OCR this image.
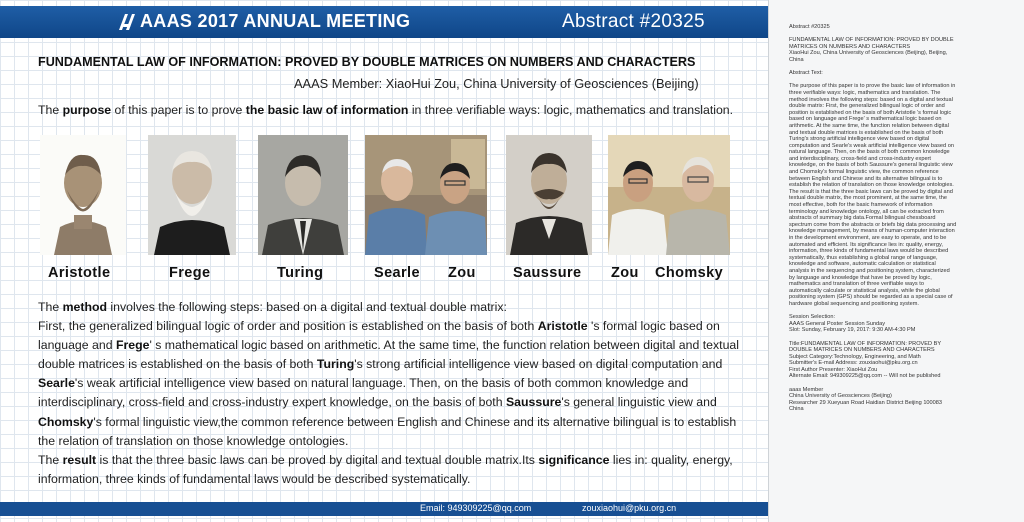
AAAS 2017 ANNUAL MEETING	Abstract #20325
FUNDAMENTAL LAW OF INFORMATION: PROVED BY DOUBLE MATRICES ON NUMBERS AND CHARACTERS
AAAS Member: XiaoHui Zou, China University of Geosciences (Beijing)
The purpose of this paper is to prove the basic law of information in three verifiable ways: logic, mathematics and translation.
Aristotle	Frege	Turing	Searle Zou	Saussure Zou Chomsky

The method involves the following steps: based on a digital and textual double matrix:

First, the generalized bilingual logic of order and position is established on the basis of both Aristotle 's formal logic based on language and Frege' s mathematical logic based on arithmetic. At the same time, the function relation between digital and textual double matrices is established on the basis of both Turing's strong artificial intelligence view based on digital computation and Searle's weak artificial intelligence view based on natural language. Then, on the basis of both common knowledge and interdisciplinary, cross-field and cross-industry expert knowledge, on the basis of both Saussure's general linguistic view and Chomsky's formal linguistic view,the common reference between English and Chinese and its alternative bilingual is to establish the relation of translation on those knowledge ontologies.

The result is that the three basic laws can be proved by digital and textual double matrix.Its significance lies in: quality, energy, information, three kinds of fundamental laws would be described systematically.

Email: 949309225@qq.com	zouxiaohui@pku.org.cn
Abstract #20325
FUNDAMENTAL LAW OF INFORMATION: PROVED BY DOUBLE
MATRICES ON NUMBERS AND CHARACTERS
XiaoHui Zou, China University of Geosciences (Beijing), Beijing,
China
Abstract Text:
The purpose of this paper is to prove the basic law of information in
three verifiable ways: logic, mathematics and translation. The
method involves the following steps: based on a digital and textual
double matrix: First, the generalized bilingual logic of order and
position is established on the basis of both Aristotle 's formal logic
based on language and Frege' s mathematical logic based on
arithmetic. At the same time, the function relation between digital
and textual double matrices is established on the basis of both
Turing's strong artificial intelligence view based on digital
computation and Searle's weak artificial intelligence view based on
natural language. Then, on the basis of both common knowledge
and interdisciplinary, cross-field and cross-industry expert
knowledge, on the basis of both Saussure's general linguistic view
and Chomsky's formal linguistic view, the common reference
between English and Chinese and its alternative bilingual is to
establish the relation of translation on those knowledge ontologies.
The result is that the three basic laws can be proved by digital and
textual double matrix, the most prominent, at the same time, the
most effective, both for the basic framework of information
terminology and knowledge ontology, all can be extracted from
abstracts of summary big data.Formal bilingual chessboard
spectrum come from the abstracts or briefs big data processing and
knowledge management, by means of human-computer interaction
in the development environment, are easy to operate, and to be
automated and efficient. Its significance lies in: quality, energy,
information, three kinds of fundamental laws would be described
systematically, thus establishing a global range of language,
knowledge and software, automatic calculation or statistical
analysis in the sequencing and positioning system, characterized
by language and knowledge that have be proved by logic,
mathematics and translation of three verifiable ways to
automatically calculate or statistical analysis, while the global
positioning system (GPS) should be regarded as a special case of
hardware global sequencing and positioning system.
Session Selection:
AAAS General Poster Session Sunday
Slot: Sunday, February 19, 2017: 9:30 AM-4:30 PM
Title:FUNDAMENTAL LAW OF INFORMATION: PROVED BY
DOUBLE MATRICES ON NUMBERS AND CHARACTERS
Subject Category:Technology, Engineering, and Math
Submitter's E-mail Address: zouxiaohui@pku.org.cn
First Author Presenter: XiaoHui Zou
Alternate Email: 949309225@qq.com -- Will not be published
aaas Member
China University of Geosciences (Beijing)
Researcher 29 Xueyuan Road Haidian District Beijing 100083
China
